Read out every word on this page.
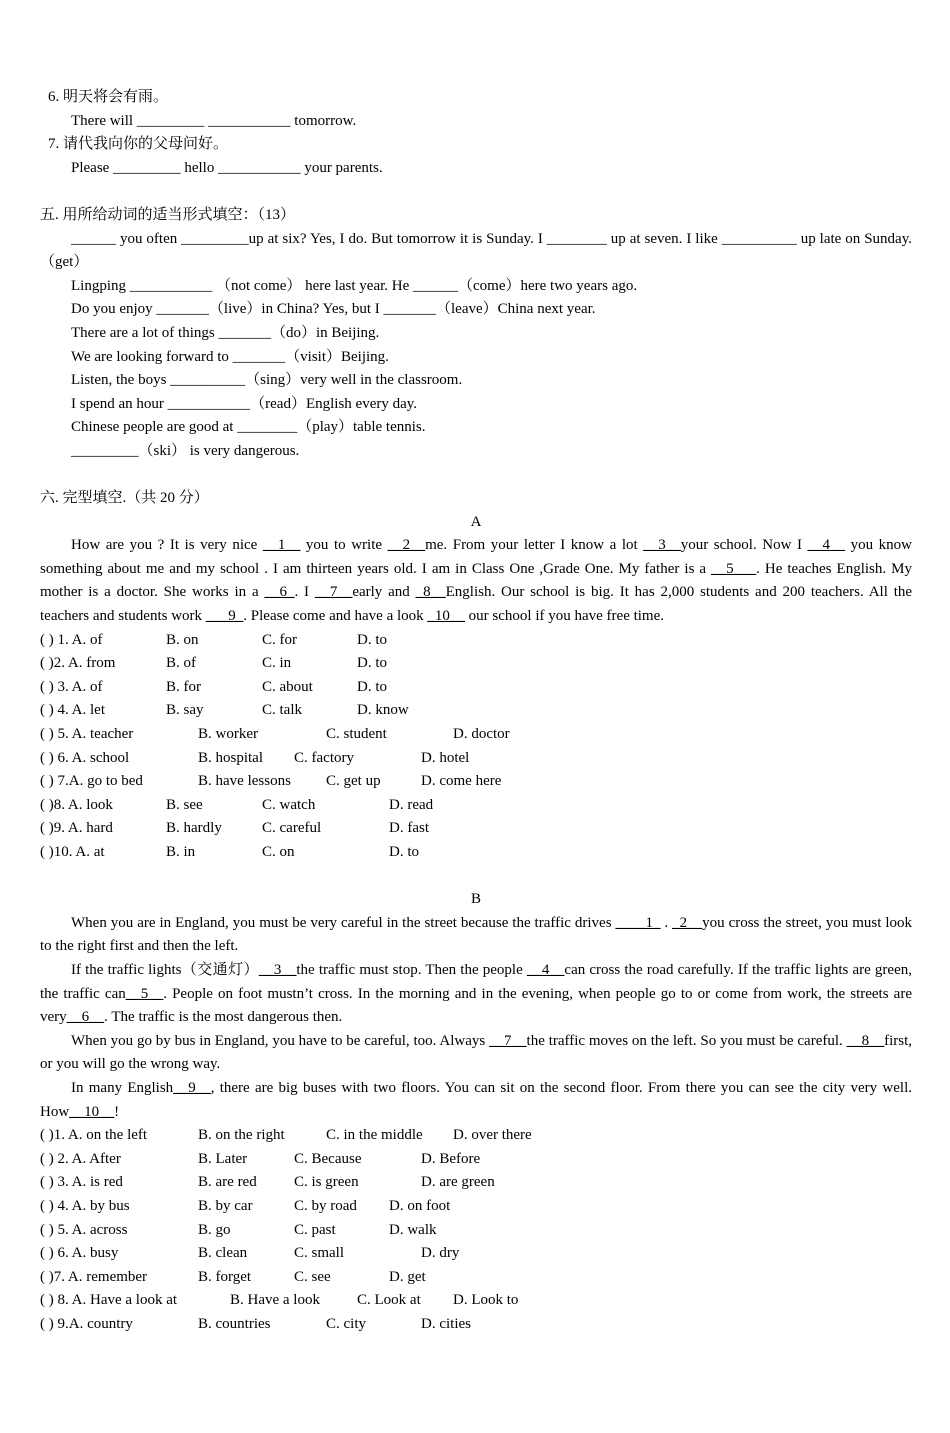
6. 明天将会有雨。
There will _________ ___________ tomorrow.
7. 请代我向你的父母问好。
Please _________ hello ___________ your parents.
五. 用所给动词的适当形式填空：（13）
______ you often _________up at six? Yes, I do. But tomorrow it is Sunday. I ________ up at seven. I like __________ up late on Sunday. （get）
Lingping ___________ （not come） here last year. He ______（come）here two years ago.
Do you enjoy _______（live）in China? Yes, but I _______（leave）China next year.
There are a lot of things _______（do）in Beijing.
We are looking forward to _______（visit）Beijing.
Listen, the boys __________（sing）very well in the classroom.
I spend an hour ___________（read）English every day.
Chinese people are good at ________（play）table tennis.
_________（ski） is very dangerous.
六. 完型填空.（共 20 分）
A
How are you ? It is very nice __1__ you to write __2__me. From your letter I know a lot __3__your school. Now I __4__ you know something about me and my school . I am thirteen years old. I am in Class One ,Grade One. My father is a __5___. He teaches English. My mother is a doctor. She works in a __6_. I __7__early and _8__English. Our school is big. It has 2,000 students and 200 teachers. All the teachers and students work ___9_. Please come and have a look _10__ our school if you have free time.
( ) 1. A. of	B. on	C. for	D. to
( )2. A. from	B. of	C. in	D. to
( ) 3. A. of	B. for	C. about	D. to
( ) 4. A. let	B. say	C. talk	D. know
( ) 5. A. teacher	B. worker	C. student	D. doctor
( ) 6. A. school	B. hospital C. factory	D. hotel
( ) 7.A. go to bed	B. have lessons C. get up	D. come here
( )8. A. look	B. see	C. watch	D. read
( )9. A. hard	B. hardly	C. careful	D. fast
( )10. A. at	B. in	C. on	D. to
B
When you are in England, you must be very careful in the street because the traffic drives ____1_ . _2__you cross the street, you must look to the right first and then the left.
If the traffic lights（交通灯）__3__the traffic must stop. Then the people __4__can cross the road carefully. If the traffic lights are green, the traffic can__5__. People on foot mustn’t cross. In the morning and in the evening, when people go to or come from work, the streets are very__6__. The traffic is the most dangerous then.
When you go by bus in England, you have to be careful, too. Always __7__the traffic moves on the left. So you must be careful. __8__first, or you will go the wrong way.
In many English__9__, there are big buses with two floors. You can sit on the second floor. From there you can see the city very well. How__10__!
( )1. A. on the left	B. on the right	C. in the middle D. over there
( ) 2. A. After	B. Later	C. Because	D. Before
( ) 3. A. is red	B. are red C. is green	D. are green
( ) 4. A. by bus	B. by car	C. by road D. on foot
( ) 5. A. across	B. go	C. past	D. walk
( ) 6. A. busy	B. clean	C. small	D. dry
( )7. A. remember	B. forget	C. see	D. get
( ) 8. A. Have a look at	B. Have a look C. Look at D. Look to
( ) 9.A. country	B. countries	C. city	D. cities
